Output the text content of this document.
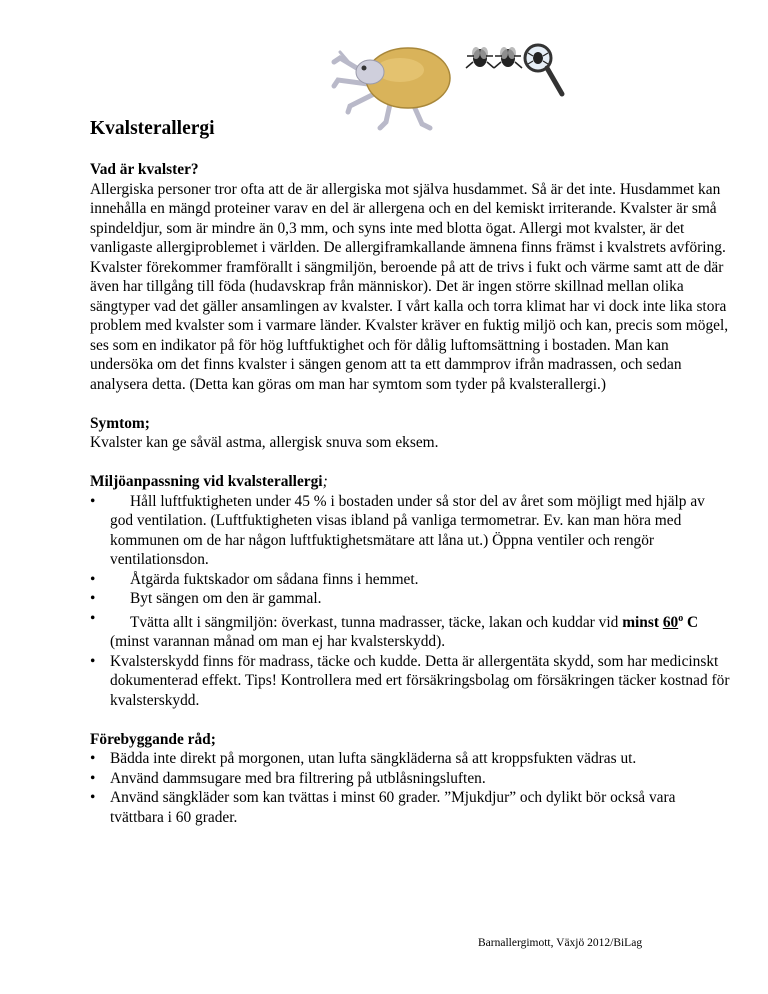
Kvalsterallergi
Vad är kvalster?

Allergiska personer tror ofta att de är allergiska mot själva husdammet. Så är det inte. Husdammet kan innehålla en mängd proteiner varav en del är allergena och en del kemiskt irriterande. Kvalster är små spindeldjur, som är mindre än 0,3 mm, och syns inte med blotta ögat. Allergi mot kvalster, är det vanligaste allergiproblemet i världen. De allergiframkallande ämnena finns främst i kvalstrets avföring. Kvalster förekommer framförallt i sängmiljön, beroende på att de trivs i fukt och värme samt att de där även har tillgång till föda (hudavskrap från människor). Det är ingen större skillnad mellan olika sängtyper vad det gäller ansamlingen av kvalster. I vårt kalla och torra klimat har vi dock inte lika stora problem med kvalster som i varmare länder. Kvalster kräver en fuktig miljö och kan, precis som mögel, ses som en indikator på för hög luftfuktighet och för dålig luftomsättning i bostaden. Man kan undersöka om det finns kvalster i sängen genom att ta ett dammprov ifrån madrassen, och sedan analysera detta. (Detta kan göras om man har symtom som tyder på kvalsterallergi.)

Symtom;

Kvalster kan ge såväl astma, allergisk snuva som eksem.

Miljöanpassning vid kvalsterallergi;
•	Håll luftfuktigheten under 45 % i bostaden under så stor del av året som möjligt med hjälp av god ventilation. (Luftfuktigheten visas ibland på vanliga termometrar. Ev. kan man höra med kommunen om de har någon luftfuktighetsmätare att låna ut.) Öppna ventiler och rengör ventilationsdon.
•	Åtgärda fuktskador om sådana finns i hemmet.
•	Byt sängen om den är gammal.
•	Tvätta allt i sängmiljön: överkast, tunna madrasser, täcke, lakan och kuddar vid minst 60$^o$ C (minst varannan månad om man ej har kvalsterskydd).
• Kvalsterskydd finns för madrass, täcke och kudde. Detta är allergentäta skydd, som har medicinskt dokumenterad effekt. Tips! Kontrollera med ert försäkringsbolag om försäkringen täcker kostnad för kvalsterskydd.
Förebyggande råd;
• Bädda inte direkt på morgonen, utan lufta sängkläderna så att kroppsfukten vädras ut.
• Använd dammsugare med bra filtrering på utblåsningsluften.
• Använd sängkläder som kan tvättas i minst 60 grader. ”Mjukdjur” och dylikt bör också vara tvättbara i 60 grader.
Barnallergimott, Växjö 2012/BiLag
